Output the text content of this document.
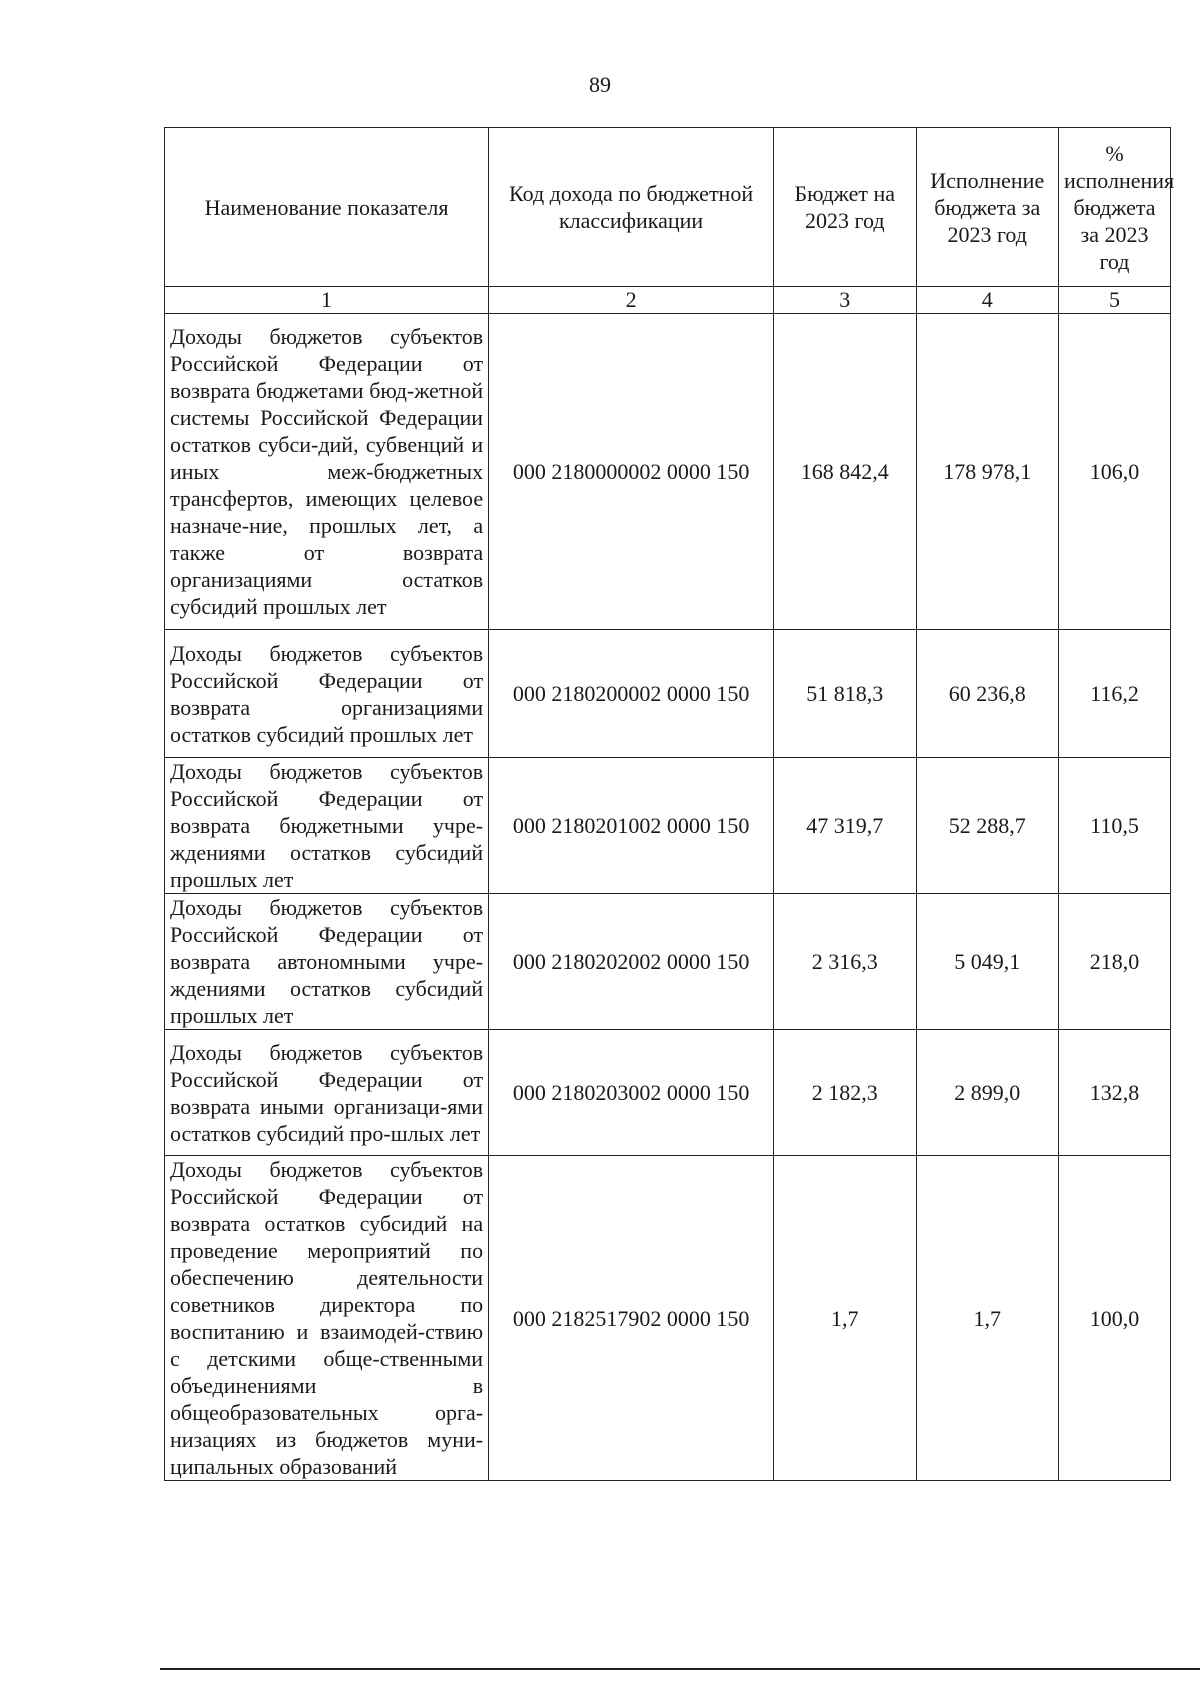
89
Наименование показателя	Код дохода по бюджетной классификации	Бюджет на 2023 год	Исполнение бюджета за 2023 год	% исполнения бюджета за 2023 год
1	2	3	4	5
Доходы бюджетов субъектов Российской Федерации от возврата бюджетами бюд-жетной системы Российской Федерации остатков субси-дий, субвенций и иных меж-бюджетных трансфертов, имеющих целевое назначе-ние, прошлых лет, а также от возврата организациями остатков субсидий прошлых лет	000 2180000002 0000 150	168 842,4	178 978,1	106,0
Доходы бюджетов субъектов Российской Федерации от возврата организациями остатков субсидий прошлых лет	000 2180200002 0000 150	51 818,3	60 236,8	116,2
Доходы бюджетов субъектов Российской Федерации от возврата бюджетными учре-ждениями остатков субсидий прошлых лет	000 2180201002 0000 150	47 319,7	52 288,7	110,5
Доходы бюджетов субъектов Российской Федерации от возврата автономными учре-ждениями остатков субсидий прошлых лет	000 2180202002 0000 150	2 316,3	5 049,1	218,0
Доходы бюджетов субъектов Российской Федерации от возврата иными организаци-ями остатков субсидий про-шлых лет	000 2180203002 0000 150	2 182,3	2 899,0	132,8
Доходы бюджетов субъектов Российской Федерации от возврата остатков субсидий на проведение мероприятий по обеспечению деятельности советников директора по воспитанию и взаимодей-ствию с детскими обще-ственными объединениями в общеобразовательных орга-низациях из бюджетов муни-ципальных образований	000 2182517902 0000 150	1,7	1,7	100,0
